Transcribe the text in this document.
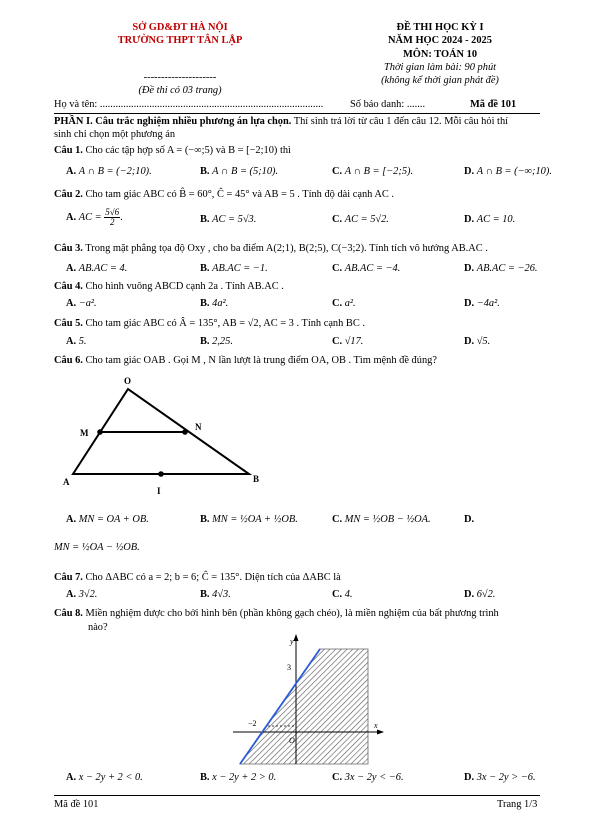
SỞ GD&ĐT HÀ NỘI
TRƯỜNG THPT TÂN LẬP
---------------------
(Đề thi có 03 trang)
ĐỀ THI HỌC KỲ I
NĂM HỌC 2024 - 2025
MÔN: TOÁN 10
Thời gian làm bài: 90 phút
(không kể thời gian phát đề)
Họ và tên: ......................................................................................	Số báo danh: .......	Mã đề 101
PHẦN I. Câu trắc nghiệm nhiều phương án lựa chọn. Thí sinh trả lời từ câu 1 đến câu 12. Mỗi câu hỏi thí
sinh chỉ chọn một phương án
Câu 1. Cho các tập hợp số A = (−∞;5) và B = [−2;10) thì
A. A ∩ B = (−2;10).	B. A ∩ B = (5;10).	C. A ∩ B = [−2;5).	D. A ∩ B = (−∞;10).
Câu 2. Cho tam giác ABC có B̂ = 60°, Ĉ = 45° và AB = 5 . Tính độ dài cạnh AC .
A. AC = $\frac{5√6}{2}$ .	B. AC = 5√3.	C. AC = 5√2.	D. AC = 10.
Câu 3. Trong mặt phẳng tọa độ Oxy , cho ba điểm A(2;1), B(2;5), C(−3;2). Tính tích vô hướng AB.AC .
A. AB.AC = 4.	B. AB.AC = −1.	C. AB.AC = −4.	D. AB.AC = −26.
Câu 4. Cho hình vuông ABCD cạnh 2a . Tính AB.AC .
A. −a².	B. 4a².	C. a².	D. −4a².
Câu 5. Cho tam giác ABC có Â = 135°, AB = √2, AC = 3 . Tính cạnh BC .
A. 5.	B. 2,25.	C. √17.	D. √5.
Câu 6. Cho tam giác OAB . Gọi M , N lần lượt là trung điểm OA, OB . Tìm mệnh đề đúng?
O
M
N
A
I
B
A. MN = OA + OB.	B. MN = ½OA + ½OB.	C. MN = ½OB − ½OA.	D.
MN = ½OA − ½OB.
Câu 7. Cho ΔABC có a = 2; b = 6; Ĉ = 135°. Diện tích của ΔABC là
A. 3√2.	B. 4√3.	C. 4.	D. 6√2.
Câu 8. Miền nghiệm được cho bởi hình bên (phần không gạch chéo), là miền nghiệm của bất phương trình
nào?
y
x
O
3
−2
A. x − 2y + 2 < 0.	B. x − 2y + 2 > 0.	C. 3x − 2y < −6.	D. 3x − 2y > −6.
Mã đề 101	Trang 1/3
